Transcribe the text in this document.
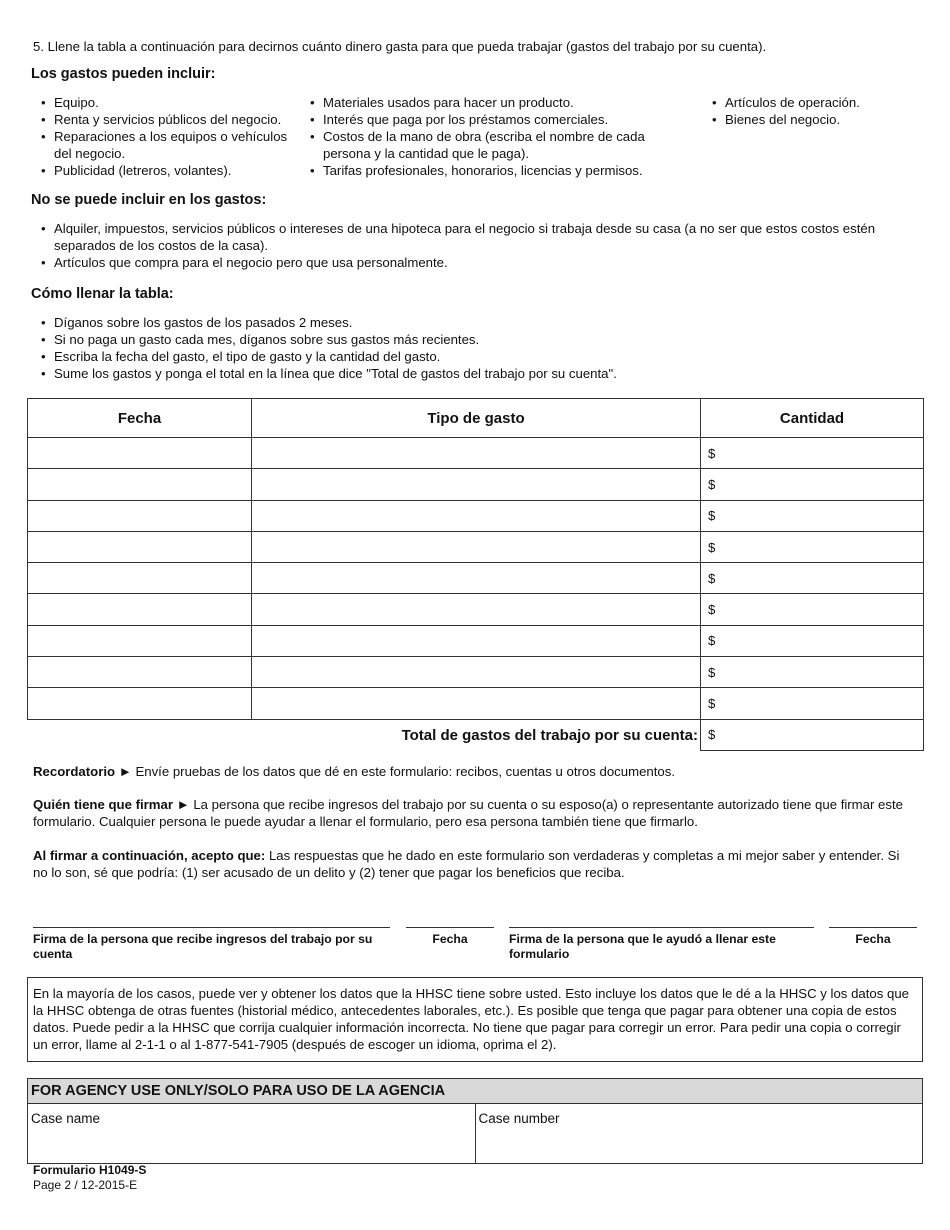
5. Llene la tabla a continuación para decirnos cuánto dinero gasta para que pueda trabajar (gastos del trabajo por su cuenta).
Los gastos pueden incluir:
• Equipo.
• Renta y servicios públicos del negocio.
• Reparaciones a los equipos o vehículos del negocio.
• Publicidad (letreros, volantes).
• Materiales usados para hacer un producto.
• Interés que paga por los préstamos comerciales.
• Costos de la mano de obra (escriba el nombre de cada persona y la cantidad que le paga).
• Tarifas profesionales, honorarios, licencias y permisos.
• Artículos de operación.
• Bienes del negocio.
No se puede incluir en los gastos:
• Alquiler, impuestos, servicios públicos o intereses de una hipoteca para el negocio si trabaja desde su casa (a no ser que estos costos estén separados de los costos de la casa).
• Artículos que compra para el negocio pero que usa personalmente.
Cómo llenar la tabla:
• Díganos sobre los gastos de los pasados 2 meses.
• Si no paga un gasto cada mes, díganos sobre sus gastos más recientes.
• Escriba la fecha del gasto, el tipo de gasto y la cantidad del gasto.
• Sume los gastos y ponga el total en la línea que dice "Total de gastos del trabajo por su cuenta".
Fecha	Tipo de gasto	Cantidad
		$
		$
		$
		$
		$
		$
		$
		$
		$
Total de gastos del trabajo por su cuenta:		$
Recordatorio ► Envíe pruebas de los datos que dé en este formulario: recibos, cuentas u otros documentos.
Quién tiene que firmar ► La persona que recibe ingresos del trabajo por su cuenta o su esposo(a) o representante autorizado tiene que firmar este formulario. Cualquier persona le puede ayudar a llenar el formulario, pero esa persona también tiene que firmarlo.
Al firmar a continuación, acepto que: Las respuestas que he dado en este formulario son verdaderas y completas a mi mejor saber y entender. Si no lo son, sé que podría: (1) ser acusado de un delito y (2) tener que pagar los beneficios que reciba.
Firma de la persona que recibe ingresos del trabajo por su cuenta
Fecha	Firma de la persona que le ayudó a llenar este formulario
Fecha
En la mayoría de los casos, puede ver y obtener los datos que la HHSC tiene sobre usted. Esto incluye los datos que le dé a la HHSC y los datos que la HHSC obtenga de otras fuentes (historial médico, antecedentes laborales, etc.). Es posible que tenga que pagar para obtener una copia de estos datos. Puede pedir a la HHSC que corrija cualquier información incorrecta. No tiene que pagar para corregir un error. Para pedir una copia o corregir un error, llame al 2-1-1 o al 1-877-541-7905 (después de escoger un idioma, oprima el 2).
FOR AGENCY USE ONLY/SOLO PARA USO DE LA AGENCIA
Case name	Case number
Formulario H1049-S
Page 2 / 12-2015-E
